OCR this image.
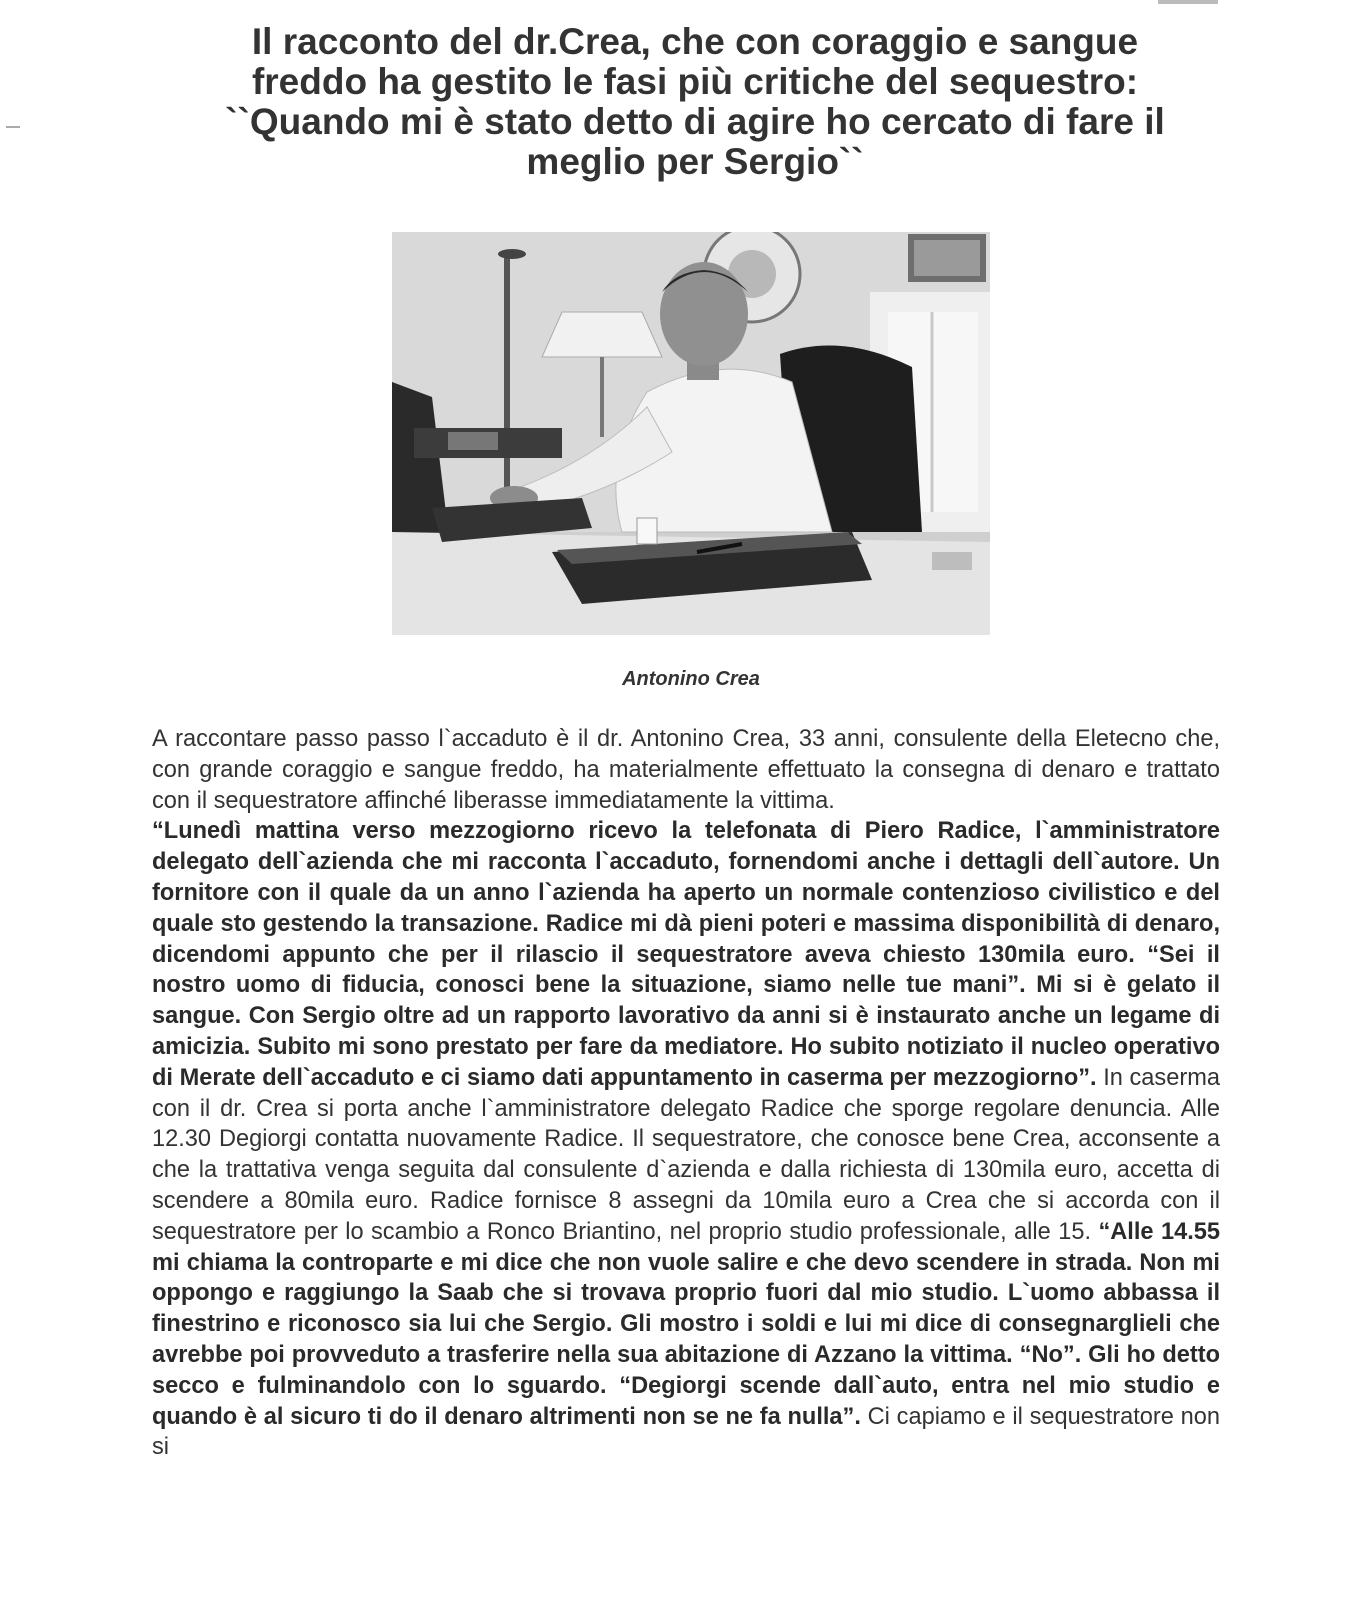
Il racconto del dr.Crea, che con coraggio e sangue
freddo ha gestito le fasi più critiche del sequestro:
``Quando mi è stato detto di agire ho cercato di fare il
meglio per Sergio``
Antonino Crea

A raccontare passo passo l`accaduto è il dr. Antonino Crea, 33 anni, consulente della Eletecno che, con grande coraggio e sangue freddo, ha materialmente effettuato la consegna di denaro e trattato con il sequestratore affinché liberasse immediatamente la vittima.

“Lunedì mattina verso mezzogiorno ricevo la telefonata di Piero Radice, l`amministratore delegato dell`azienda che mi racconta l`accaduto, fornendomi anche i dettagli dell`autore. Un fornitore con il quale da un anno l`azienda ha aperto un normale contenzioso civilistico e del quale sto gestendo la transazione. Radice mi dà pieni poteri e massima disponibilità di denaro, dicendomi appunto che per il rilascio il sequestratore aveva chiesto 130mila euro. “Sei il nostro uomo di fiducia, conosci bene la situazione, siamo nelle tue mani”. Mi si è gelato il sangue. Con Sergio oltre ad un rapporto lavorativo da anni si è instaurato anche un legame di amicizia. Subito mi sono prestato per fare da mediatore. Ho subito notiziato il nucleo operativo di Merate dell`accaduto e ci siamo dati appuntamento in caserma per mezzogiorno”. In caserma con il dr. Crea si porta anche l`amministratore delegato Radice che sporge regolare denuncia. Alle 12.30 Degiorgi contatta nuovamente Radice. Il sequestratore, che conosce bene Crea, acconsente a che la trattativa venga seguita dal consulente d`azienda e dalla richiesta di 130mila euro, accetta di scendere a 80mila euro. Radice fornisce 8 assegni da 10mila euro a Crea che si accorda con il sequestratore per lo scambio a Ronco Briantino, nel proprio studio professionale, alle 15. “Alle 14.55 mi chiama la controparte e mi dice che non vuole salire e che devo scendere in strada. Non mi oppongo e raggiungo la Saab che si trovava proprio fuori dal mio studio. L`uomo abbassa il finestrino e riconosco sia lui che Sergio. Gli mostro i soldi e lui mi dice di consegnarglieli che avrebbe poi provveduto a trasferire nella sua abitazione di Azzano la vittima. “No”. Gli ho detto secco e fulminandolo con lo sguardo. “Degiorgi scende dall`auto, entra nel mio studio e quando è al sicuro ti do il denaro altrimenti non se ne fa nulla”. Ci capiamo e il sequestratore non si
